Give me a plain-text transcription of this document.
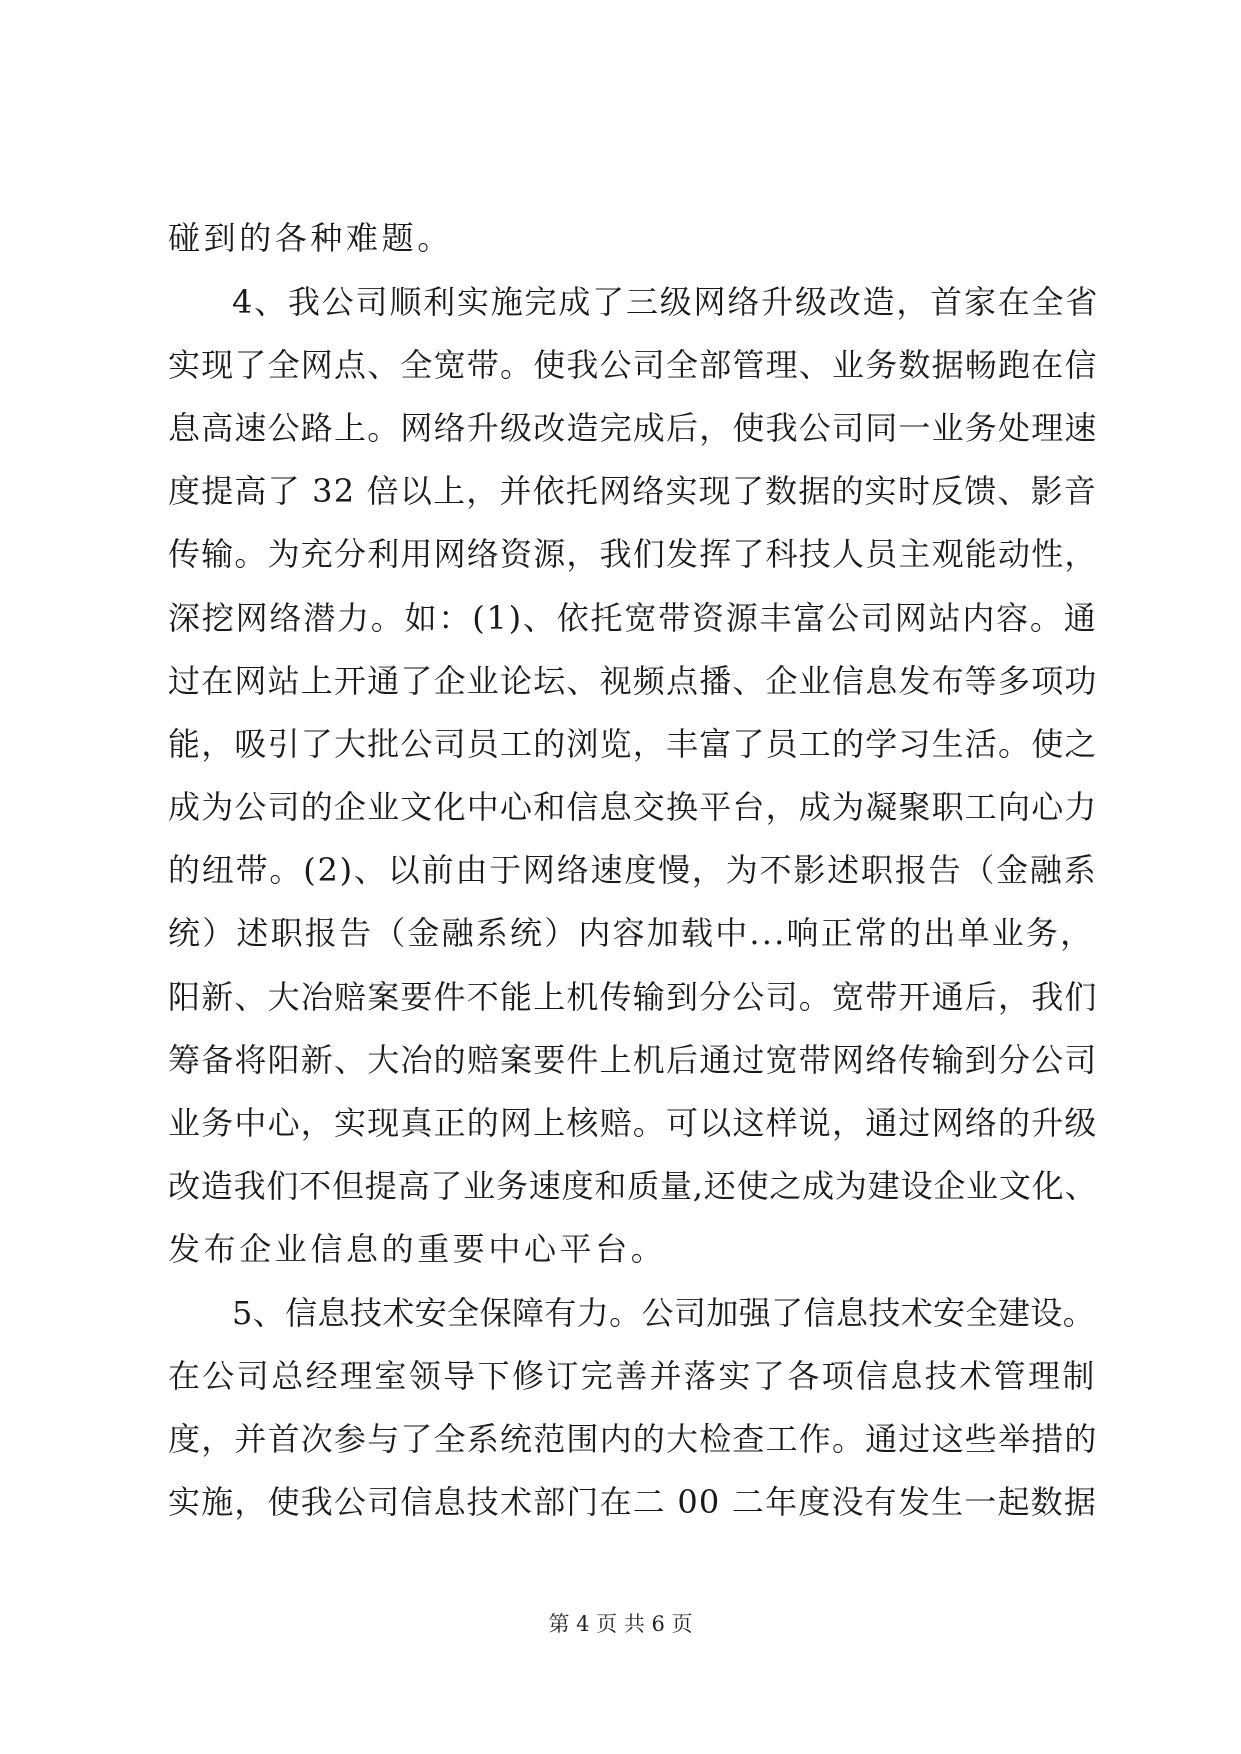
碰到的各种难题。
4、我公司顺利实施完成了三级网络升级改造，首家在全省
实现了全网点、全宽带。使我公司全部管理、业务数据畅跑在信
息高速公路上。网络升级改造完成后，使我公司同一业务处理速
度提高了 32 倍以上，并依托网络实现了数据的实时反馈、影音
传输。为充分利用网络资源，我们发挥了科技人员主观能动性，
深挖网络潜力。如：(1)、依托宽带资源丰富公司网站内容。通
过在网站上开通了企业论坛、视频点播、企业信息发布等多项功
能，吸引了大批公司员工的浏览，丰富了员工的学习生活。使之
成为公司的企业文化中心和信息交换平台，成为凝聚职工向心力
的纽带。(2)、以前由于网络速度慢，为不影述职报告（金融系
统）述职报告（金融系统）内容加载中...响正常的出单业务，
阳新、大冶赔案要件不能上机传输到分公司。宽带开通后，我们
筹备将阳新、大冶的赔案要件上机后通过宽带网络传输到分公司
业务中心，实现真正的网上核赔。可以这样说，通过网络的升级
改造我们不但提高了业务速度和质量,还使之成为建设企业文化、
发布企业信息的重要中心平台。
5、信息技术安全保障有力。公司加强了信息技术安全建设。
在公司总经理室领导下修订完善并落实了各项信息技术管理制
度，并首次参与了全系统范围内的大检查工作。通过这些举措的
实施，使我公司信息技术部门在二 00 二年度没有发生一起数据
第 4 页 共 6 页
